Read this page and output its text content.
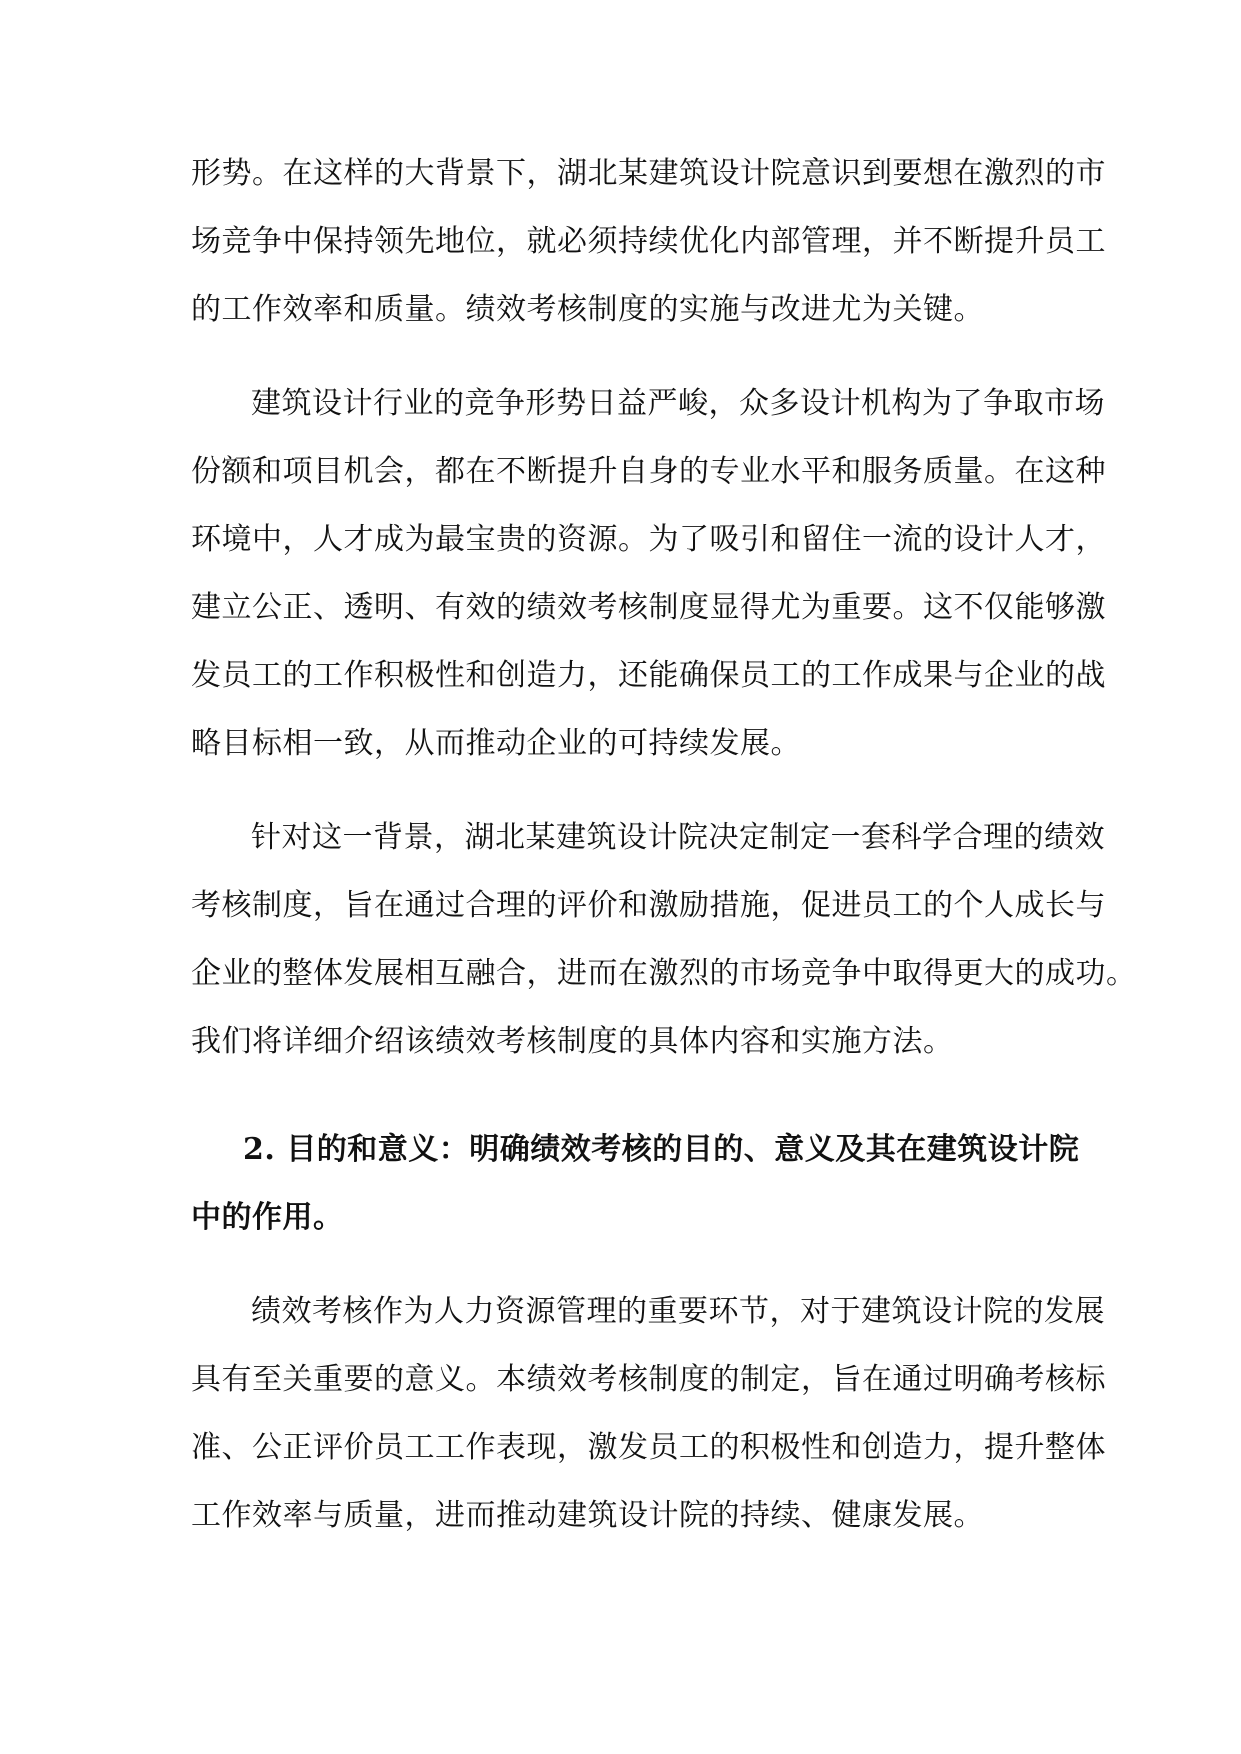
形势。在这样的大背景下，湖北某建筑设计院意识到要想在激烈的市
场竞争中保持领先地位，就必须持续优化内部管理，并不断提升员工
的工作效率和质量。绩效考核制度的实施与改进尤为关键。
建筑设计行业的竞争形势日益严峻，众多设计机构为了争取市场
份额和项目机会，都在不断提升自身的专业水平和服务质量。在这种
环境中，人才成为最宝贵的资源。为了吸引和留住一流的设计人才，
建立公正、透明、有效的绩效考核制度显得尤为重要。这不仅能够激
发员工的工作积极性和创造力，还能确保员工的工作成果与企业的战
略目标相一致，从而推动企业的可持续发展。
针对这一背景，湖北某建筑设计院决定制定一套科学合理的绩效
考核制度，旨在通过合理的评价和激励措施，促进员工的个人成长与
企业的整体发展相互融合，进而在激烈的市场竞争中取得更大的成功。
我们将详细介绍该绩效考核制度的具体内容和实施方法。
2. 目的和意义：明确绩效考核的目的、意义及其在建筑设计院
中的作用。
绩效考核作为人力资源管理的重要环节，对于建筑设计院的发展
具有至关重要的意义。本绩效考核制度的制定，旨在通过明确考核标
准、公正评价员工工作表现，激发员工的积极性和创造力，提升整体
工作效率与质量，进而推动建筑设计院的持续、健康发展。
